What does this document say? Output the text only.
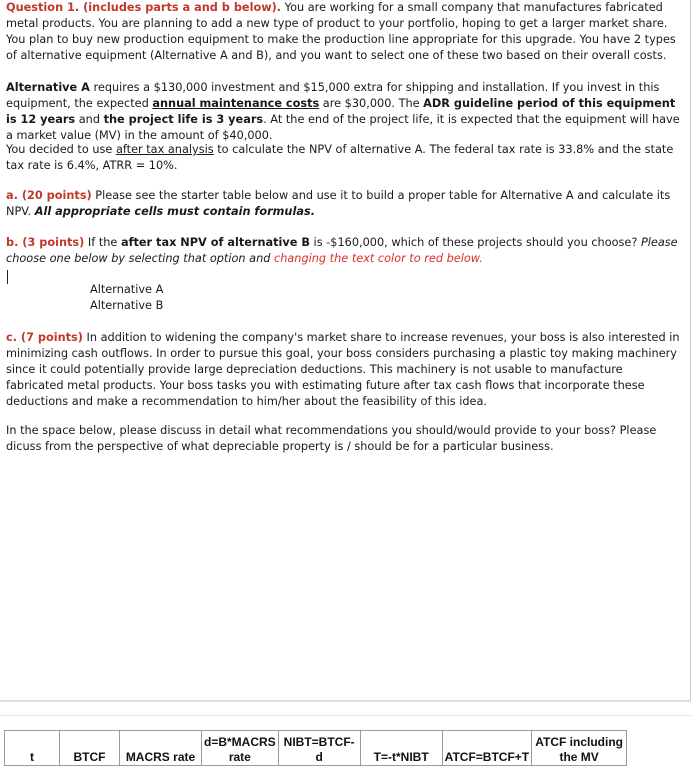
Question 1. (includes parts a and b below). You are working for a small company that manufactures fabricated metal products. You are planning to add a new type of product to your portfolio, hoping to get a larger market share. You plan to buy new production equipment to make the production line appropriate for this upgrade. You have 2 types of alternative equipment (Alternative A and B), and you want to select one of these two based on their overall costs.
Alternative A requires a $130,000 investment and $15,000 extra for shipping and installation. If you invest in this equipment, the expected annual maintenance costs are $30,000. The ADR guideline period of this equipment is 12 years and the project life is 3 years. At the end of the project life, it is expected that the equipment will have a market value (MV) in the amount of $40,000.
You decided to use after tax analysis to calculate the NPV of alternative A. The federal tax rate is 33.8% and the state tax rate is 6.4%, ATRR = 10%.
a. (20 points) Please see the starter table below and use it to build a proper table for Alternative A and calculate its NPV. All appropriate cells must contain formulas.
b. (3 points) If the after tax NPV of alternative B is -$160,000, which of these projects should you choose? Please choose one below by selecting that option and changing the text color to red below.
Alternative A
Alternative B
c. (7 points) In addition to widening the company's market share to increase revenues, your boss is also interested in minimizing cash outflows. In order to pursue this goal, your boss considers purchasing a plastic toy making machinery since it could potentially provide large depreciation deductions. This machinery is not usable to manufacture fabricated metal products. Your boss tasks you with estimating future after tax cash flows that incorporate these deductions and make a recommendation to him/her about the feasibility of this idea.
In the space below, please discuss in detail what recommendations you should/would provide to your boss? Please dicuss from the perspective of what depreciable property is / should be for a particular business.
t	BTCF	MACRS rate	d=B*MACRS rate	NIBT=BTCF-d	T=-t*NIBT	ATCF=BTCF+T	ATCF including the MV
